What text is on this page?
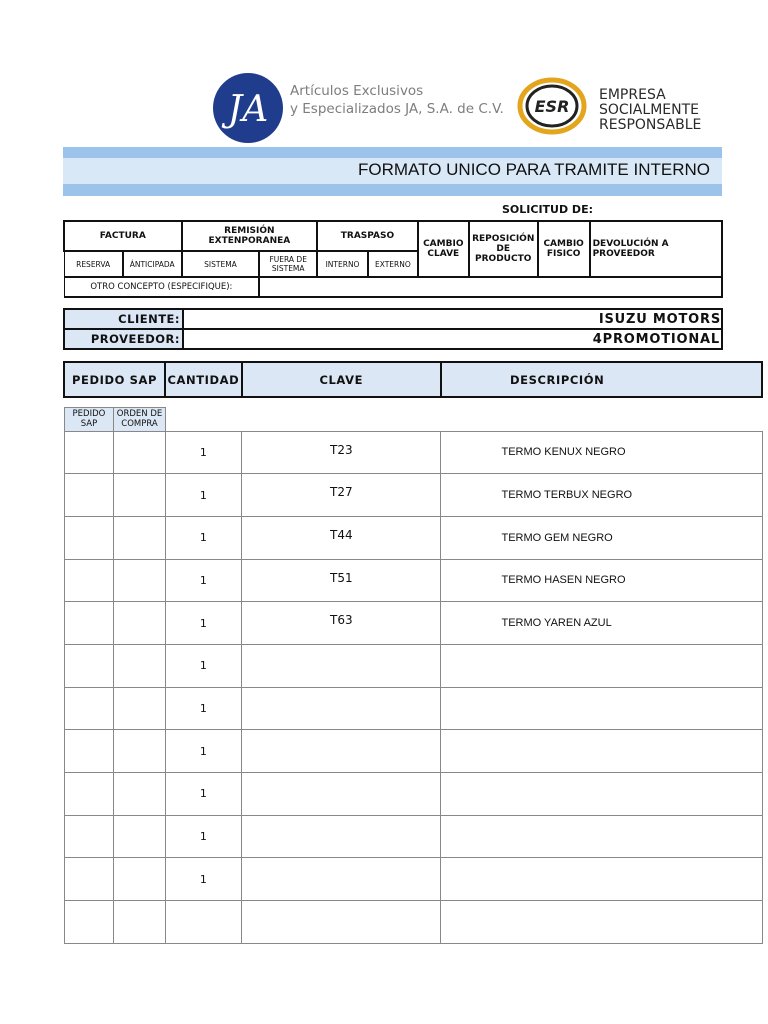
JA Artículos Exclusivos
y Especializados JA, S.A. de C.V. ESR
EMPRESA
SOCIALMENTE
RESPONSABLE
FORMATO UNICO PARA TRAMITE INTERNO
SOLICITUD DE:
FACTURA		REMISIÓN EXTENPORANEA		TRASPASO		CAMBIO CLAVE	REPOSICIÓN DE PRODUCTO	CAMBIO FISICO	DEVOLUCIÓN A PROVEEDOR
RESERVA	ÁNTICIPADA	SISTEMA	FUERA DE SISTEMA	INTERNO	EXTERNO				
OTRO CONCEPTO (ESPECIFIQUE):									
CLIENTE:	ISUZU MOTORS
PROVEEDOR:	4PROMOTIONAL
PEDIDO SAP		CANTIDAD	CLAVE	DESCRIPCIÓN

PEDIDO SAP	ORDEN DE COMPRA			
		1	T23	TERMO KENUX NEGRO
		1	T27	TERMO TERBUX NEGRO
		1	T44	TERMO GEM NEGRO
		1	T51	TERMO HASEN NEGRO
		1	T63	TERMO YAREN AZUL
		1		
		1		
		1		
		1		
		1		
		1		
